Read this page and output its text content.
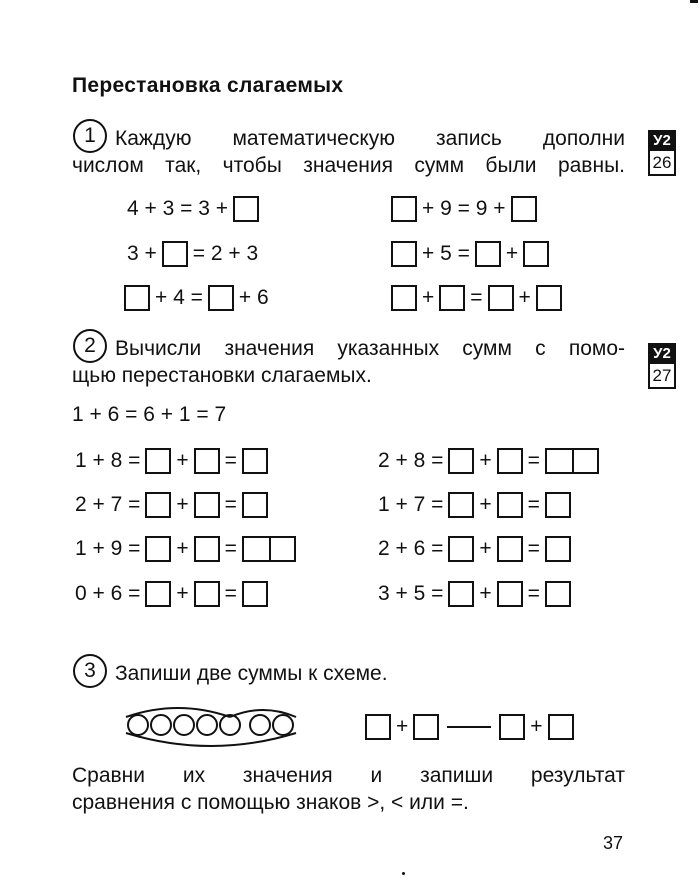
Перестановка слагаемых
1 Каждую математическую запись дополни
числом так, чтобы значения сумм были равны.
У2
26
4 + 3 = 3 +
3 + = 2 + 3
+ 4 = + 6
+ 9 = 9 +
+ 5 = +
+ = +
2 Вычисли значения указанных сумм с помо-
щью перестановки слагаемых.
У2
27
1 + 6 = 6 + 1 = 7
1 + 8 = + =
2 + 7 = + =
1 + 9 = + =
0 + 6 = + =
2 + 8 = + =
1 + 7 = + =
2 + 6 = + =
3 + 5 = + =
3 Запиши две суммы к схеме.
+	+
Сравни их значения и запиши результат
сравнения с помощью знаков >, < или =.
37
